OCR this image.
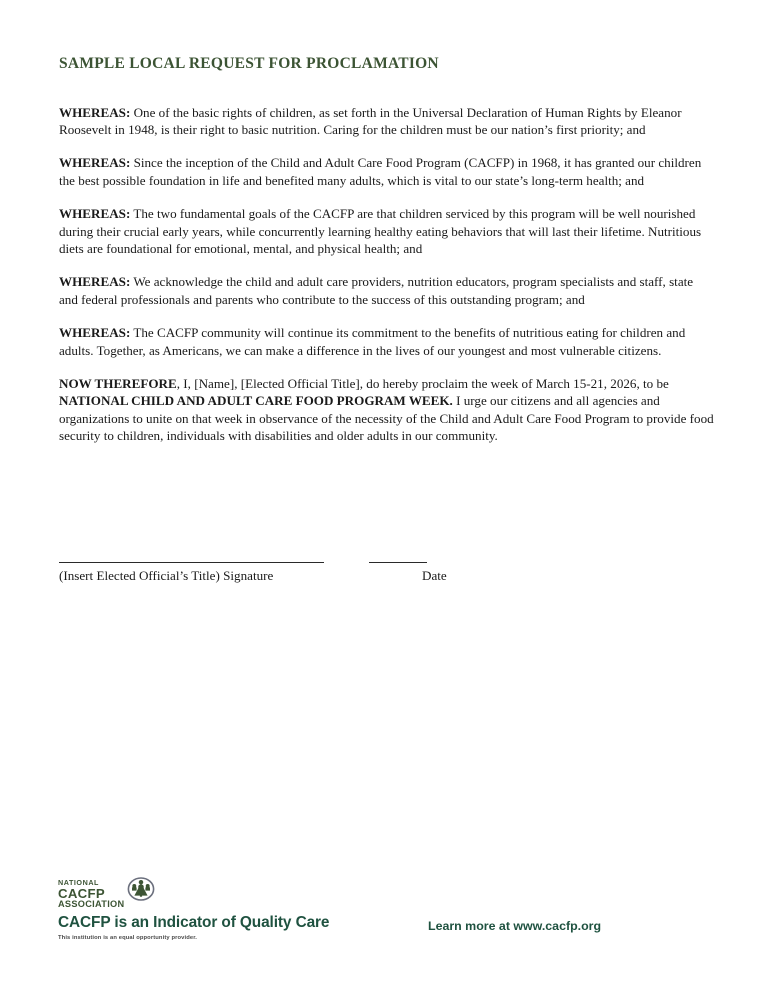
SAMPLE LOCAL REQUEST FOR PROCLAMATION

WHEREAS: One of the basic rights of children, as set forth in the Universal Declaration of Human Rights by Eleanor Roosevelt in 1948, is their right to basic nutrition. Caring for the children must be our nation’s first priority; and

WHEREAS: Since the inception of the Child and Adult Care Food Program (CACFP) in 1968, it has granted our children the best possible foundation in life and benefited many adults, which is vital to our state’s long-term health; and

WHEREAS: The two fundamental goals of the CACFP are that children serviced by this program will be well nourished during their crucial early years, while concurrently learning healthy eating behaviors that will last their lifetime. Nutritious diets are foundational for emotional, mental, and physical health; and

WHEREAS: We acknowledge the child and adult care providers, nutrition educators, program specialists and staff, state and federal professionals and parents who contribute to the success of this outstanding program; and

WHEREAS: The CACFP community will continue its commitment to the benefits of nutritious eating for children and adults. Together, as Americans, we can make a difference in the lives of our youngest and most vulnerable citizens.

NOW THEREFORE, I, [Name], [Elected Official Title], do hereby proclaim the week of March 15-21, 2026, to be NATIONAL CHILD AND ADULT CARE FOOD PROGRAM WEEK. I urge our citizens and all agencies and organizations to unite on that week in observance of the necessity of the Child and Adult Care Food Program to provide food security to children, individuals with disabilities and older adults in our community.

(Insert Elected Official’s Title) Signature	Date
NATIONAL
CACFP
ASSOCIATION
CACFP is an Indicator of Quality Care
This institution is an equal opportunity provider.
Learn more at www.cacfp.org
